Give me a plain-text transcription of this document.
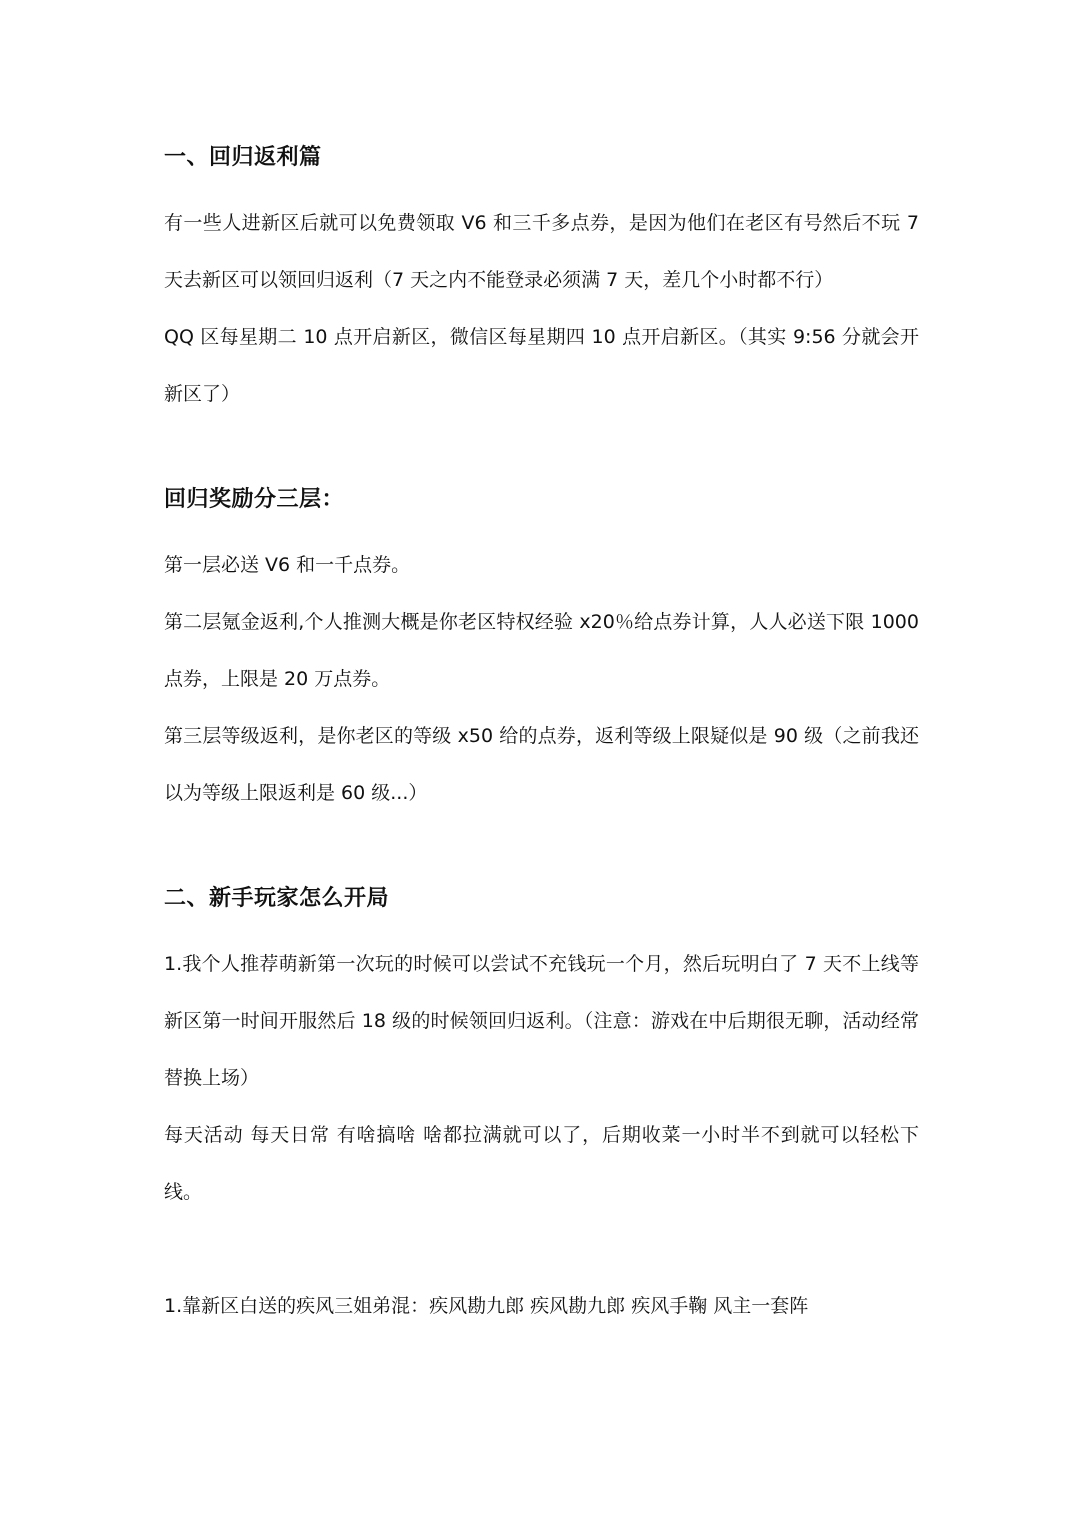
一、回归返利篇

有一些人进新区后就可以免费领取 V6 和三千多点券，是因为他们在老区有号然后不玩 7 天去新区可以领回归返利（7 天之内不能登录必须满 7 天，差几个小时都不行）

QQ 区每星期二 10 点开启新区，微信区每星期四 10 点开启新区。（其实 9:56 分就会开新区了）

回归奖励分三层：

第一层必送 V6 和一千点券。

第二层氪金返利,个人推测大概是你老区特权经验 x20％给点券计算，人人必送下限 1000 点券，上限是 20 万点券。

第三层等级返利，是你老区的等级 x50 给的点券，返利等级上限疑似是 90 级（之前我还以为等级上限返利是 60 级...）

二、新手玩家怎么开局

1.我个人推荐萌新第一次玩的时候可以尝试不充钱玩一个月，然后玩明白了 7 天不上线等新区第一时间开服然后 18 级的时候领回归返利。（注意：游戏在中后期很无聊，活动经常替换上场）

每天活动 每天日常 有啥搞啥 啥都拉满就可以了，后期收菜一小时半不到就可以轻松下线。

1.靠新区白送的疾风三姐弟混：疾风勘九郎 疾风勘九郎 疾风手鞠 风主一套阵
